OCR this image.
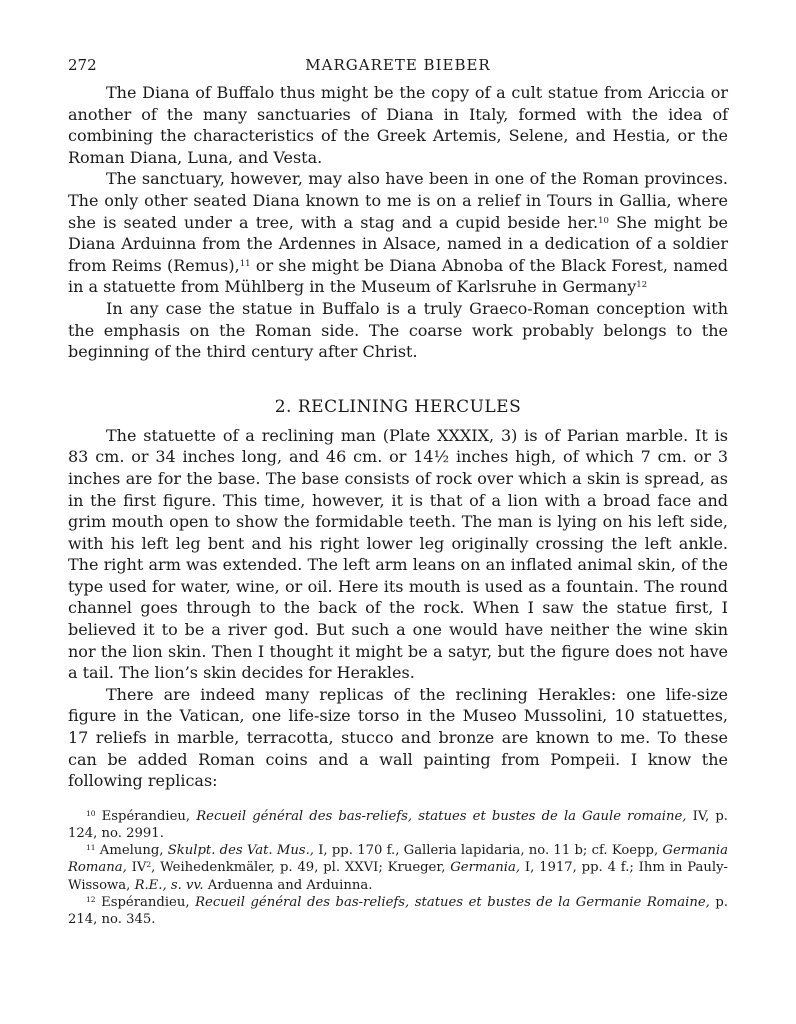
272	MARGARETE BIEBER

The Diana of Buffalo thus might be the copy of a cult statue from Ariccia or another of the many sanctuaries of Diana in Italy, formed with the idea of combining the characteristics of the Greek Artemis, Selene, and Hestia, or the Roman Diana, Luna, and Vesta.

The sanctuary, however, may also have been in one of the Roman provinces. The only other seated Diana known to me is on a relief in Tours in Gallia, where she is seated under a tree, with a stag and a cupid beside her.$^{10}$ She might be Diana Arduinna from the Ardennes in Alsace, named in a dedication of a soldier from Reims (Remus),$^{11}$ or she might be Diana Abnoba of the Black Forest, named in a statuette from Mühlberg in the Museum of Karlsruhe in Germany$^{12}$

In any case the statue in Buffalo is a truly Graeco-Roman conception with the emphasis on the Roman side. The coarse work probably belongs to the beginning of the third century after Christ.

2. RECLINING HERCULES

The statuette of a reclining man (Plate XXXIX, 3) is of Parian marble. It is 83 cm. or 34 inches long, and 46 cm. or 14½ inches high, of which 7 cm. or 3 inches are for the base. The base consists of rock over which a skin is spread, as in the first figure. This time, however, it is that of a lion with a broad face and grim mouth open to show the formidable teeth. The man is lying on his left side, with his left leg bent and his right lower leg originally crossing the left ankle. The right arm was extended. The left arm leans on an inflated animal skin, of the type used for water, wine, or oil. Here its mouth is used as a fountain. The round channel goes through to the back of the rock. When I saw the statue first, I believed it to be a river god. But such a one would have neither the wine skin nor the lion skin. Then I thought it might be a satyr, but the figure does not have a tail. The lion’s skin decides for Herakles.

There are indeed many replicas of the reclining Herakles: one life-size figure in the Vatican, one life-size torso in the Museo Mussolini, 10 statuettes, 17 reliefs in marble, terracotta, stucco and bronze are known to me. To these can be added Roman coins and a wall painting from Pompeii. I know the following replicas:

$^{10}$ Espérandieu, Recueil général des bas-reliefs, statues et bustes de la Gaule romaine, IV, p. 124, no. 2991.

$^{11}$ Amelung, Skulpt. des Vat. Mus., I, pp. 170 f., Galleria lapidaria, no. 11 b; cf. Koepp, Germania Romana, $IV^2$, Weihedenkmäler, p. 49, pl. XXVI; Krueger, Germania, I, 1917, pp. 4 f.; Ihm in Pauly-Wissowa, R.E., s. vv. Arduenna and Arduinna.

$^{12}$ Espérandieu, Recueil général des bas-reliefs, statues et bustes de la Germanie Romaine, p. 214, no. 345.
